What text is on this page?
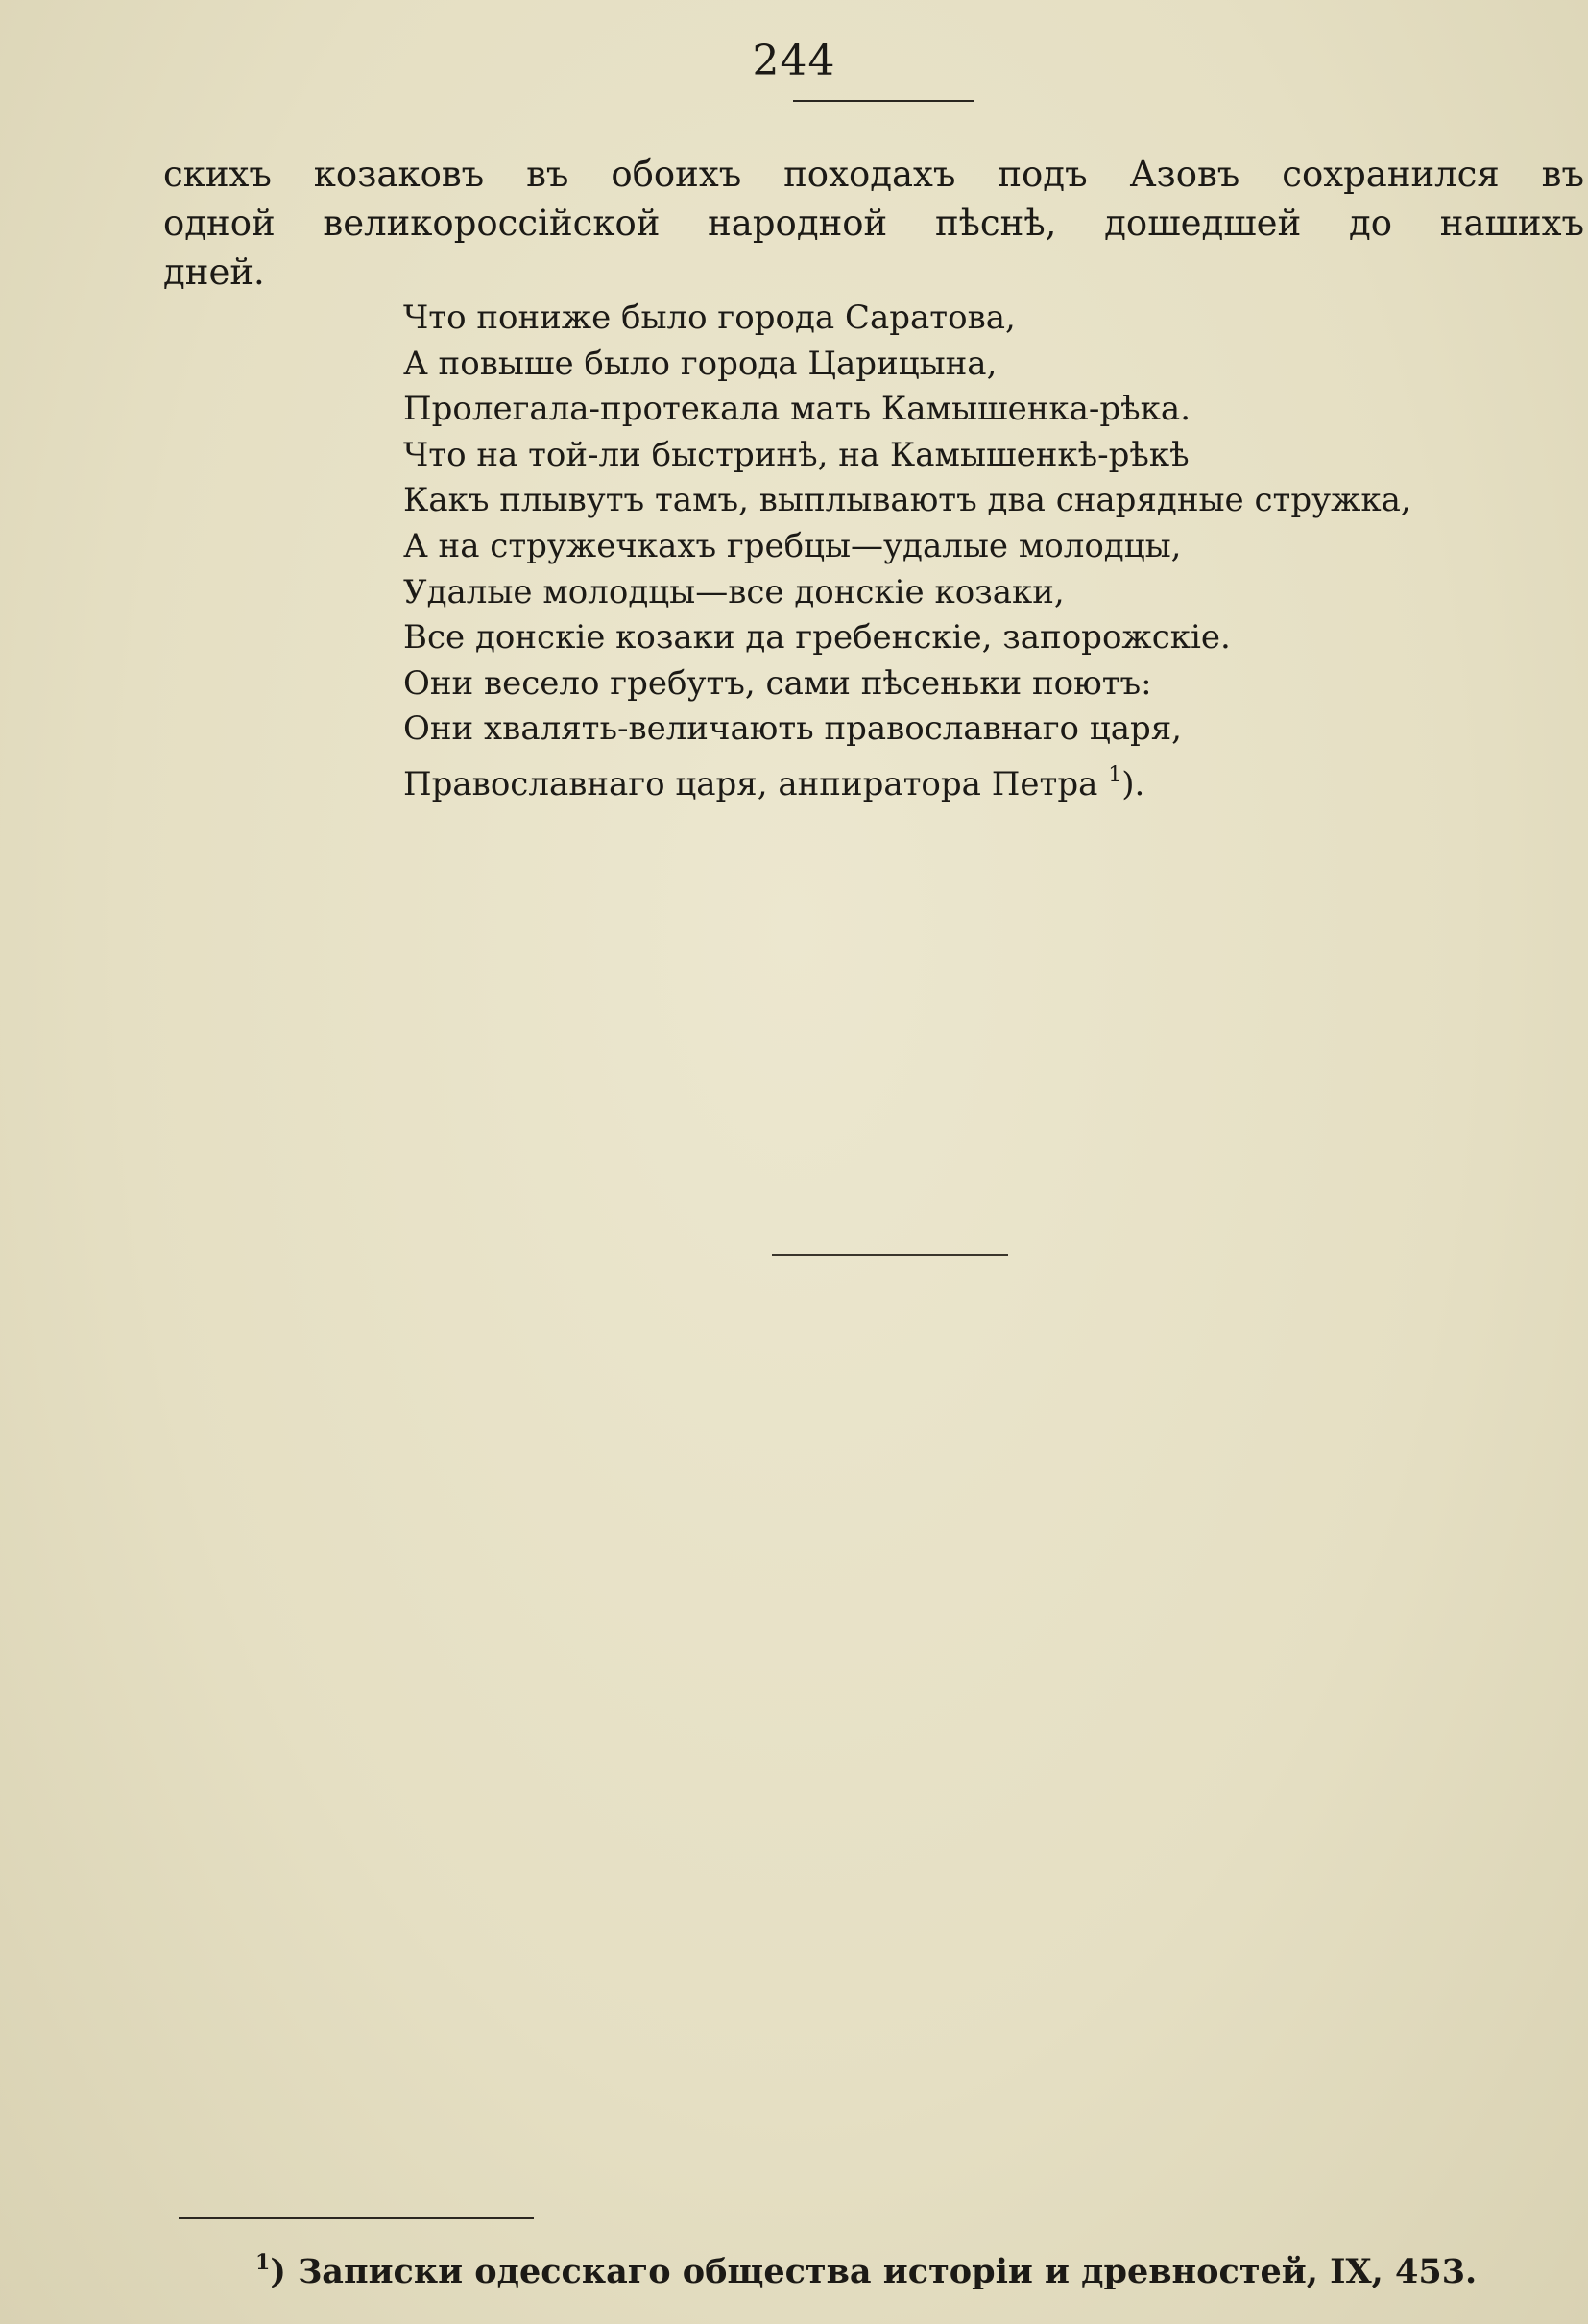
244
скихъ козаковъ въ обоихъ походахъ подъ Азовъ сохранился въ
одной великороссійской народной пѣснѣ, дошедшей до нашихъ
дней.
Что пониже было города Саратова,
А повыше было города Царицына,
Пролегала-протекала мать Камышенка-рѣка.
Что на той-ли быстринѣ, на Камышенкѣ-рѣкѣ
Какъ плывутъ тамъ, выплываютъ два снарядные стружка,
А на стружечкахъ гребцы—удалые молодцы,
Удалые молодцы—все донскіе козаки,
Все донскіе козаки да гребенскіе, запорожскіе.
Они весело гребутъ, сами пѣсеньки поютъ:
Они хвалять-величають православнаго царя,
Православнаго царя, анпиратора Петра $^1$).
$^1$) Записки одесскаго общества исторіи и древностей, IX, 453.
